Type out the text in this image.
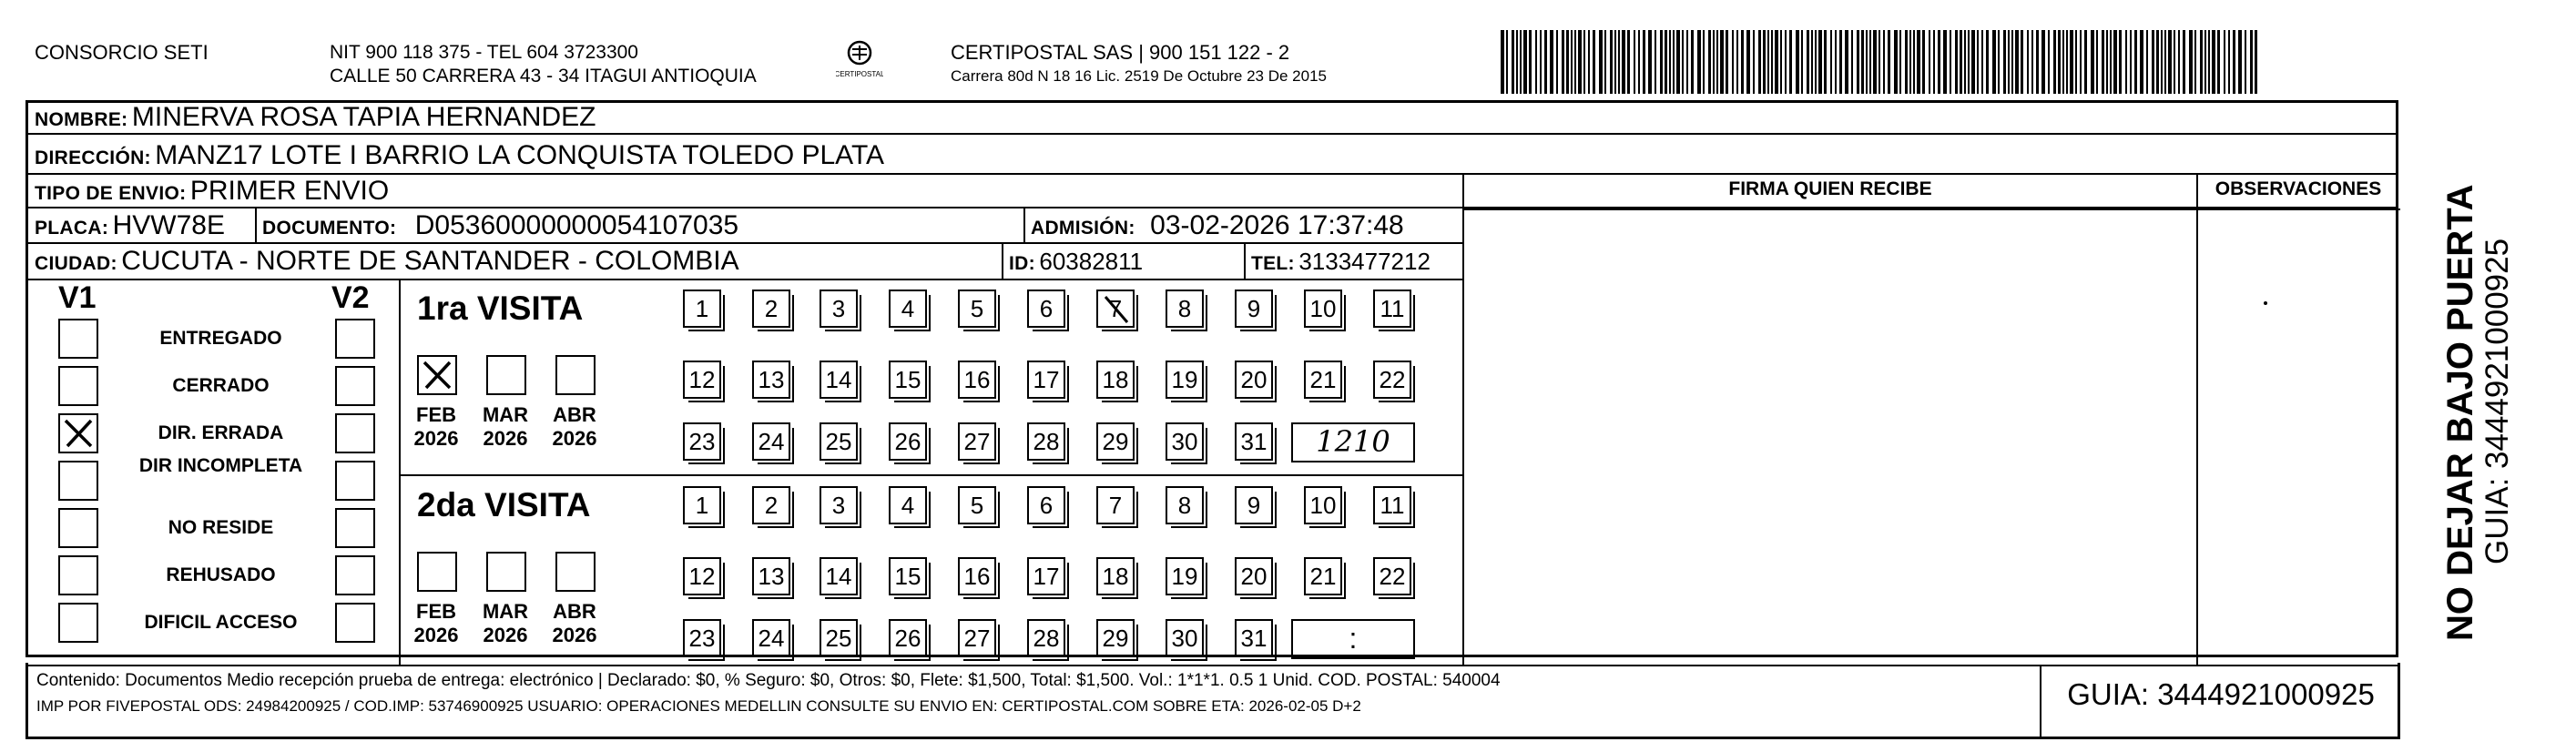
CONSORCIO SETI	NIT 900 118 375 - TEL 604 3723300
CALLE 50 CARRERA 43 - 34 ITAGUI ANTIOQUIA	CERTIPOSTAL
CERTIPOSTAL SAS | 900 151 122 - 2
Carrera 80d N 18 16 Lic. 2519 De Octubre 23 De 2015
NOMBRE: MINERVA ROSA TAPIA HERNANDEZ
DIRECCIÓN: MANZ17 LOTE I BARRIO LA CONQUISTA TOLEDO PLATA
TIPO DE ENVIO: PRIMER ENVIO
PLACA: HVW78E DOCUMENTO: D05360000000054107035	ADMISIÓN: 03-02-2026 17:37:48
CIUDAD: CUCUTA - NORTE DE SANTANDER - COLOMBIA	ID: 60382811	TEL: 3133477212
FIRMA QUIEN RECIBE	OBSERVACIONES
V1	V2
ENTREGADO
CERRADO
DIR. ERRADA
DIR INCOMPLETA
NO RESIDE
REHUSADO
DIFICIL ACCESO
1ra VISITA
FEB
2026
MAR
2026
ABR
2026
1	2	3	4	5	6	7	8	9	10 11
12 13 14 15 16 17 18 19 20 21 22
23 24 25 26 27 28 29 30 31	1210
2da VISITA
FEB
2026
MAR
2026
ABR
2026
1	2	3	4	5	6	7	8	9	10 11
12 13 14 15 16 17 18 19 20 21 22
23 24 25 26 27 28 29 30 31	:
Contenido: Documentos Medio recepción prueba de entrega: electrónico | Declarado: $0, % Seguro: $0, Otros: $0, Flete: $1,500, Total: $1,500. Vol.: 1*1*1. 0.5 1 Unid. COD. POSTAL: 540004
IMP POR FIVEPOSTAL ODS: 24984200925 / COD.IMP: 53746900925 USUARIO: OPERACIONES MEDELLIN CONSULTE SU ENVIO EN: CERTIPOSTAL.COM SOBRE ETA: 2026-02-05 D+2	GUIA: 3444921000925
NO DEJAR BAJO PUERTA GUIA: 3444921000925
